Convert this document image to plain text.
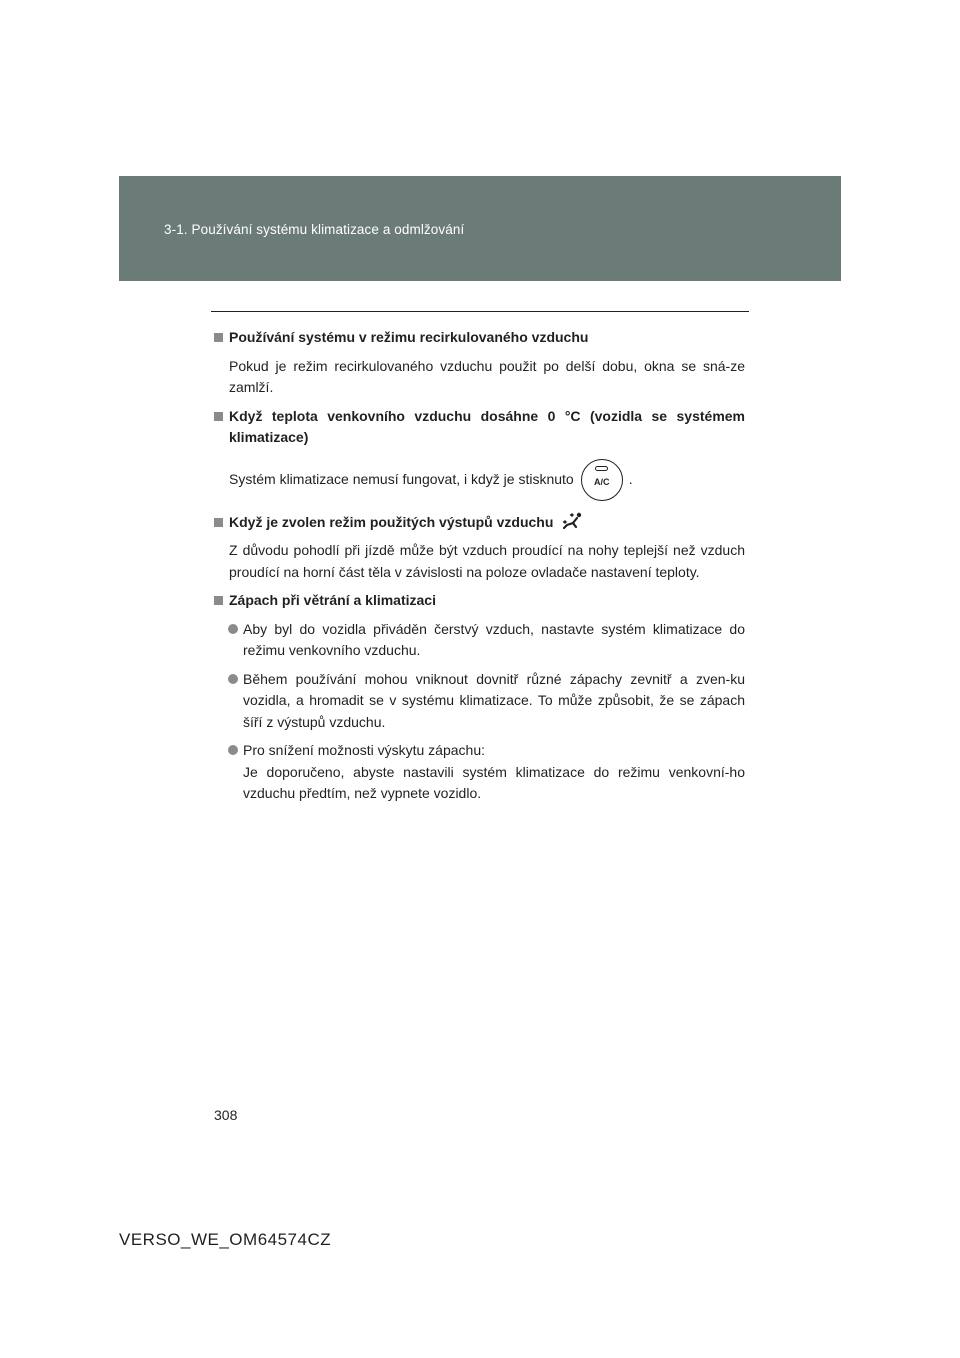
3-1. Používání systému klimatizace a odmlžování
Používání systému v režimu recirkulovaného vzduchu
Pokud je režim recirkulovaného vzduchu použit po delší dobu, okna se sná-ze zamlží.
Když teplota venkovního vzduchu dosáhne 0 °C (vozidla se systémem klimatizace)
Systém klimatizace nemusí fungovat, i když je stisknuto	A/C	.
Když je zvolen režim použitých výstupů vzduchu
Z důvodu pohodlí při jízdě může být vzduch proudící na nohy teplejší než vzduch proudící na horní část těla v závislosti na poloze ovladače nastavení teploty.
Zápach při větrání a klimatizaci
Aby byl do vozidla přiváděn čerstvý vzduch, nastavte systém klimatizace do režimu venkovního vzduchu.
Během používání mohou vniknout dovnitř různé zápachy zevnitř a zven-ku vozidla, a hromadit se v systému klimatizace. To může způsobit, že se zápach šíří z výstupů vzduchu.
Pro snížení možnosti výskytu zápachu:
Je doporučeno, abyste nastavili systém klimatizace do režimu venkovní-ho vzduchu předtím, než vypnete vozidlo.
308
VERSO_WE_OM64574CZ
